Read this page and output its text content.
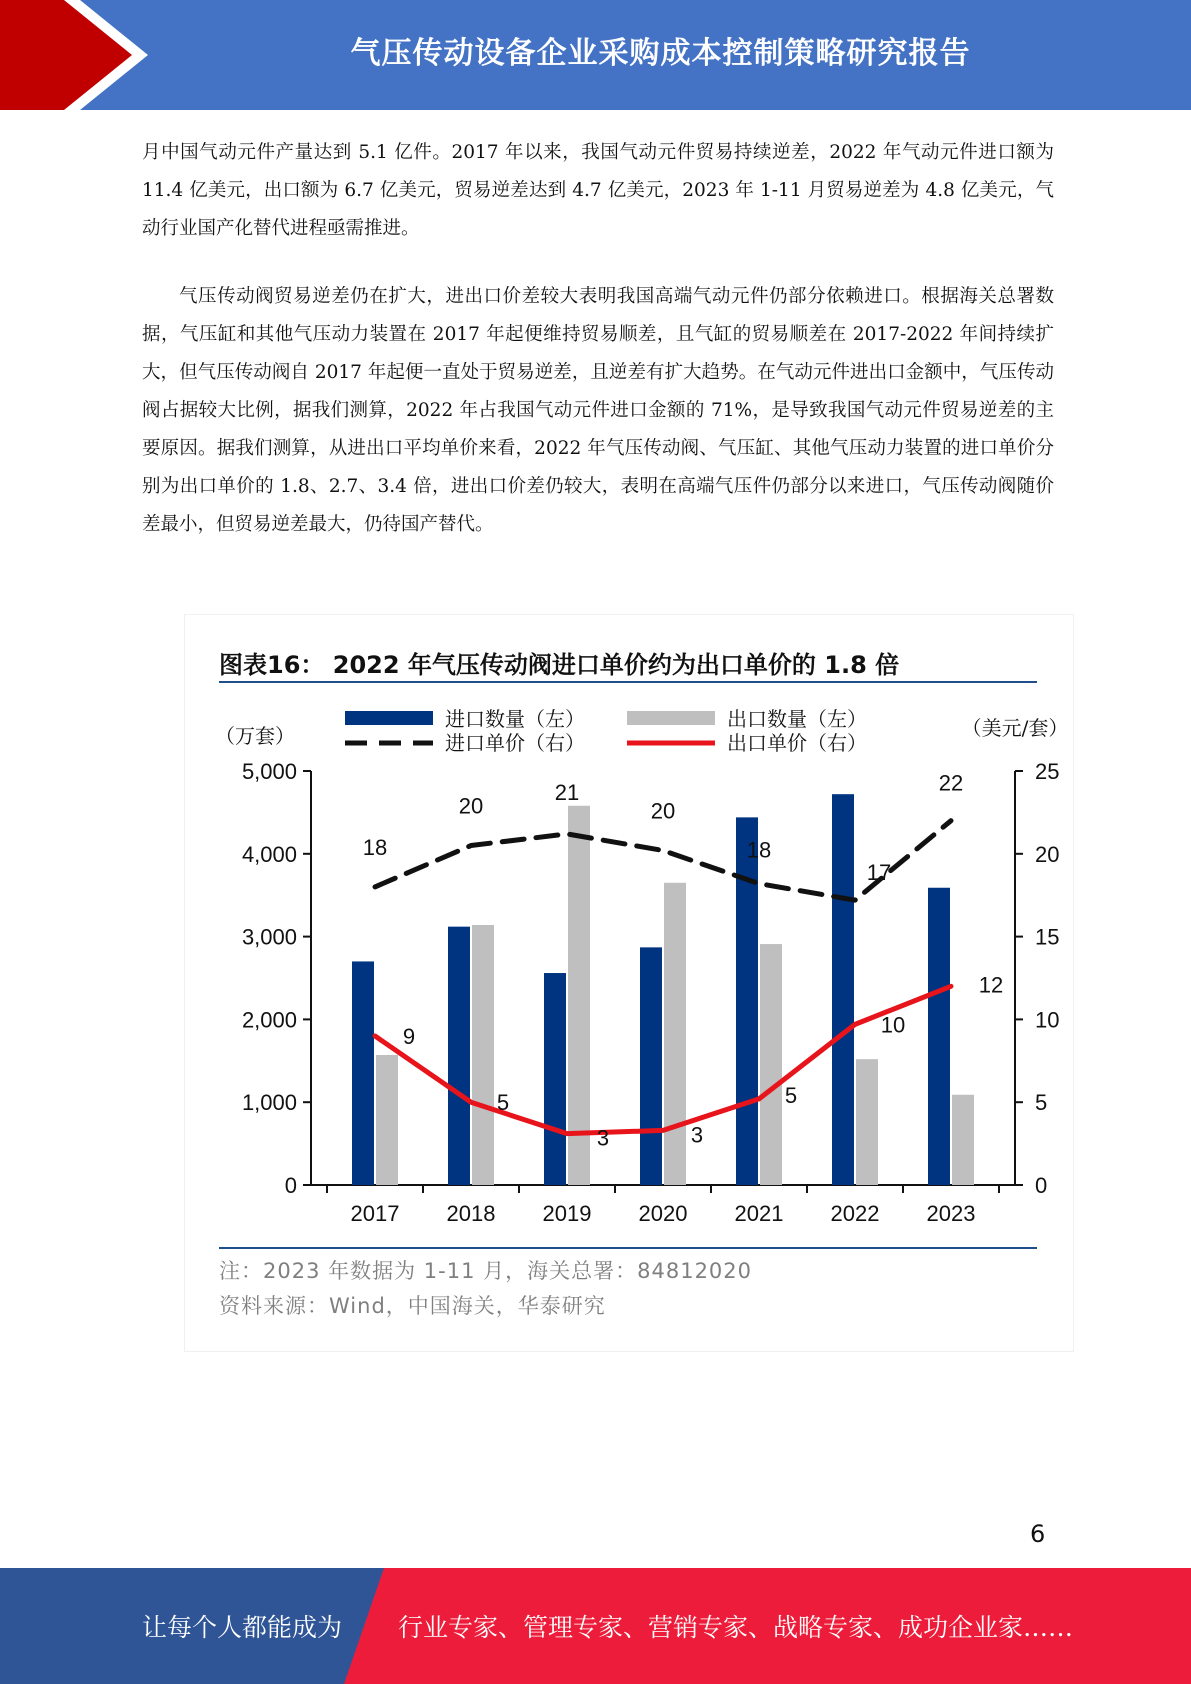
气压传动设备企业采购成本控制策略研究报告

月中国气动元件产量达到 5.1 亿件。2017 年以来，我国气动元件贸易持续逆差，2022 年气动元件进口额为 11.4 亿美元，出口额为 6.7 亿美元，贸易逆差达到 4.7 亿美元，2023 年 1-11 月贸易逆差为 4.8 亿美元，气动行业国产化替代进程亟需推进。

气压传动阀贸易逆差仍在扩大，进出口价差较大表明我国高端气动元件仍部分依赖进口。根据海关总署数据，气压缸和其他气压动力装置在 2017 年起便维持贸易顺差，且气缸的贸易顺差在 2017-2022 年间持续扩大，但气压传动阀自 2017 年起便一直处于贸易逆差，且逆差有扩大趋势。在气动元件进出口金额中，气压传动阀占据较大比例，据我们测算，2022 年占我国气动元件进口金额的 71%，是导致我国气动元件贸易逆差的主要原因。据我们测算，从进出口平均单价来看，2022 年气压传动阀、气压缸、其他气压动力装置的进口单价分别为出口单价的 1.8、2.7、3.4 倍，进出口价差仍较大，表明在高端气压件仍部分以来进口，气压传动阀随价差最小，但贸易逆差最大，仍待国产替代。

图表16： 2022 年气压传动阀进口单价约为出口单价的 1.8 倍
0
1,000
2,000
3,000
4,000
5,000
（万套）
0
5
10
15
20
25
（美元/套）
2017 2018 2019 2020 2021 2022 2023
18
20
21
20
18
17
22
9
5
3	3
5
10
12
进口数量（左）	出口数量（左）
进口单价（右）	出口单价（右）
注：2023 年数据为 1-11 月，海关总署：84812020
资料来源：Wind，中国海关，华泰研究
6
让每个人都能成为 行业专家、管理专家、营销专家、战略专家、成功企业家……
